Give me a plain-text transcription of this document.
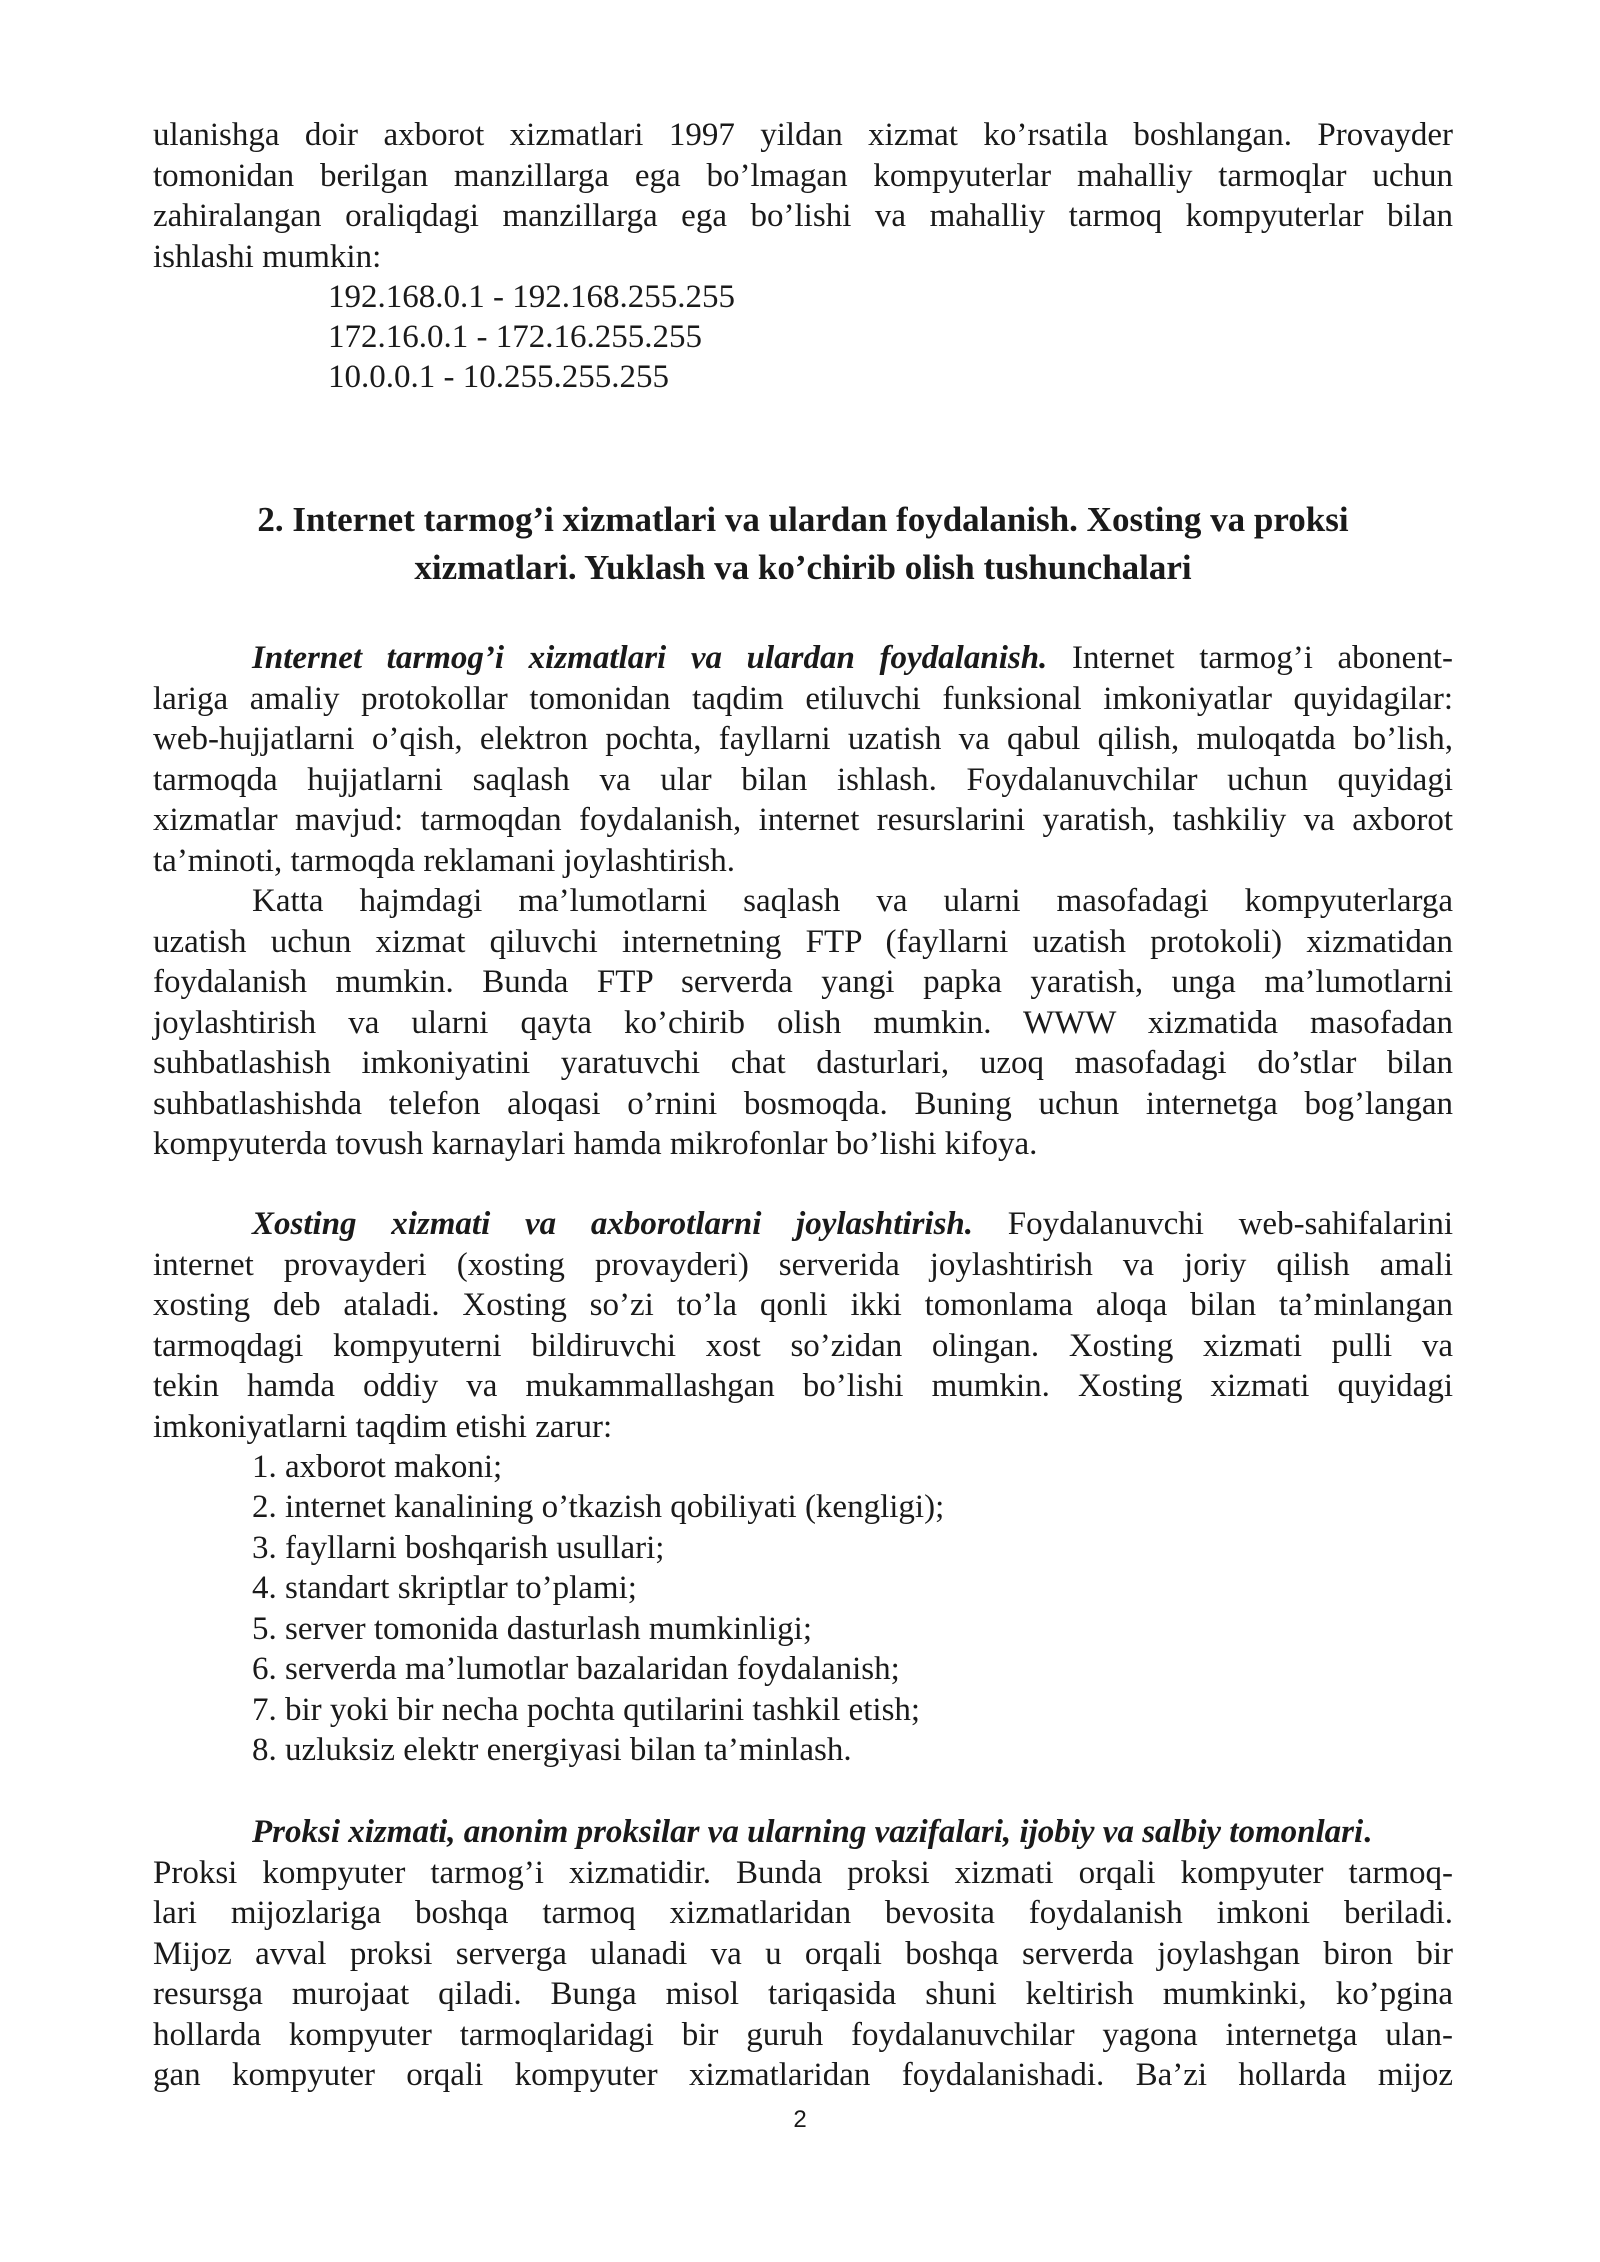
ulanishga doir axborot xizmatlari 1997 yildan xizmat ko’rsatila boshlangan. Provayder
tomonidan berilgan manzillarga ega bo’lmagan kompyuterlar mahalliy tarmoqlar uchun
zahiralangan oraliqdagi manzillarga ega bo’lishi va mahalliy tarmoq kompyuterlar bilan
ishlashi mumkin:
192.168.0.1 - 192.168.255.255
172.16.0.1 - 172.16.255.255
10.0.0.1 - 10.255.255.255
2. Internet tarmog’i xizmatlari va ulardan foydalanish. Xosting va proksi
xizmatlari. Yuklash va ko’chirib olish tushunchalari
Internet tarmog’i xizmatlari va ulardan foydalanish. Internet tarmog’i abonent-
lariga amaliy protokollar tomonidan taqdim etiluvchi funksional imkoniyatlar quyidagilar:
web-hujjatlarni o’qish, elektron pochta, fayllarni uzatish va qabul qilish, muloqatda bo’lish,
tarmoqda hujjatlarni saqlash va ular bilan ishlash. Foydalanuvchilar uchun quyidagi
xizmatlar mavjud: tarmoqdan foydalanish, internet resurslarini yaratish, tashkiliy va axborot
ta’minoti, tarmoqda reklamani joylashtirish.
Katta hajmdagi ma’lumotlarni saqlash va ularni masofadagi kompyuterlarga
uzatish uchun xizmat qiluvchi internetning FTP (fayllarni uzatish protokoli) xizmatidan
foydalanish mumkin. Bunda FTP serverda yangi papka yaratish, unga ma’lumotlarni
joylashtirish va ularni qayta ko’chirib olish mumkin. WWW xizmatida masofadan
suhbatlashish imkoniyatini yaratuvchi chat dasturlari, uzoq masofadagi do’stlar bilan
suhbatlashishda telefon aloqasi o’rnini bosmoqda. Buning uchun internetga bog’langan
kompyuterda tovush karnaylari hamda mikrofonlar bo’lishi kifoya.
Xosting xizmati va axborotlarni joylashtirish. Foydalanuvchi web-sahifalarini
internet provayderi (xosting provayderi) serverida joylashtirish va joriy qilish amali
xosting deb ataladi. Xosting so’zi to’la qonli ikki tomonlama aloqa bilan ta’minlangan
tarmoqdagi kompyuterni bildiruvchi xost so’zidan olingan. Xosting xizmati pulli va
tekin hamda oddiy va mukammallashgan bo’lishi mumkin. Xosting xizmati quyidagi
imkoniyatlarni taqdim etishi zarur:
1. axborot makoni;
2. internet kanalining o’tkazish qobiliyati (kengligi);
3. fayllarni boshqarish usullari;
4. standart skriptlar to’plami;
5. server tomonida dasturlash mumkinligi;
6. serverda ma’lumotlar bazalaridan foydalanish;
7. bir yoki bir necha pochta qutilarini tashkil etish;
8. uzluksiz elektr energiyasi bilan ta’minlash.
Proksi xizmati, anonim proksilar va ularning vazifalari, ijobiy va salbiy tomonlari.
Proksi kompyuter tarmog’i xizmatidir. Bunda proksi xizmati orqali kompyuter tarmoq-
lari mijozlariga boshqa tarmoq xizmatlaridan bevosita foydalanish imkoni beriladi.
Mijoz avval proksi serverga ulanadi va u orqali boshqa serverda joylashgan biron bir
resursga murojaat qiladi. Bunga misol tariqasida shuni keltirish mumkinki, ko’pgina
hollarda kompyuter tarmoqlaridagi bir guruh foydalanuvchilar yagona internetga ulan-
gan kompyuter orqali kompyuter xizmatlaridan foydalanishadi. Ba’zi hollarda mijoz
2
